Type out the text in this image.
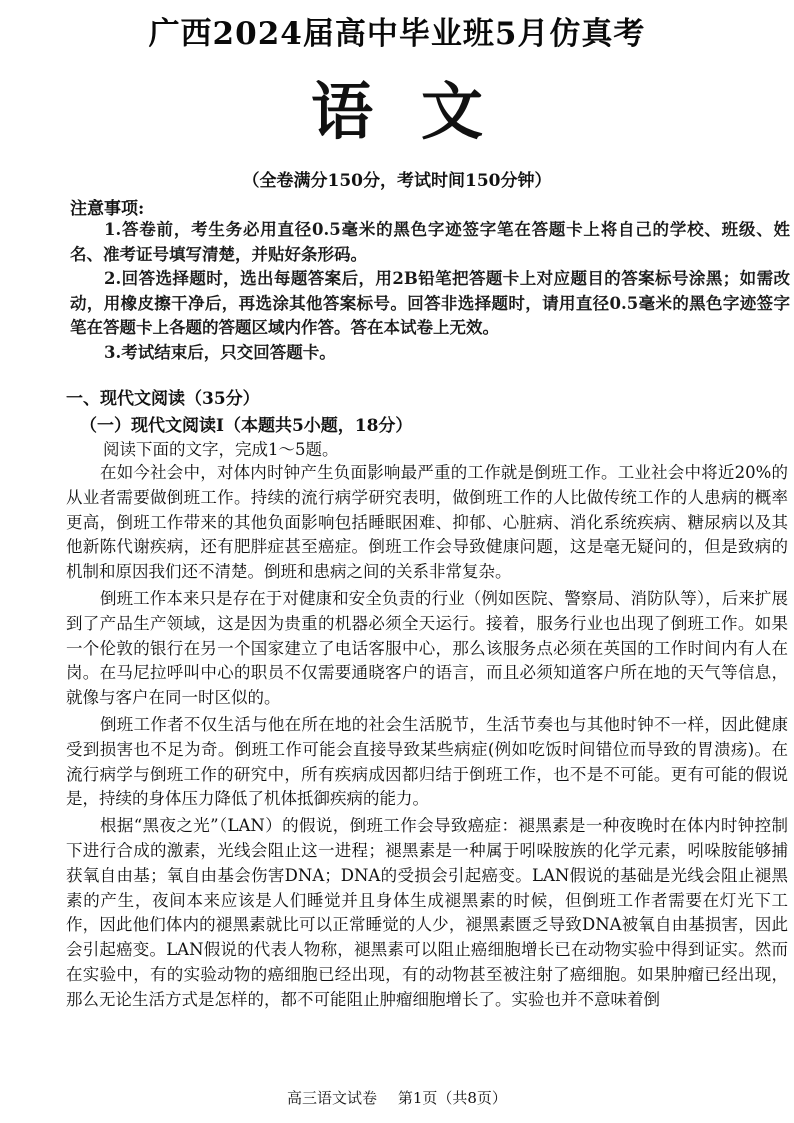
广西2024届高中毕业班5月仿真考
语文
（全卷满分150分，考试时间150分钟）
注意事项:

1.答卷前，考生务必用直径0.5毫米的黑色字迹签字笔在答题卡上将自己的学校、班级、姓名、准考证号填写清楚，并贴好条形码。

2.回答选择题时，选出每题答案后，用2B铅笔把答题卡上对应题目的答案标号涂黑；如需改动，用橡皮擦干净后，再选涂其他答案标号。回答非选择题时，请用直径0.5毫米的黑色字迹签字笔在答题卡上各题的答题区域内作答。答在本试卷上无效。

3.考试结束后，只交回答题卡。

一、现代文阅读（35分）
（一）现代文阅读Ⅰ（本题共5小题，18分）
阅读下面的文字，完成1～5题。

在如今社会中，对体内时钟产生负面影响最严重的工作就是倒班工作。工业社会中将近20%的从业者需要做倒班工作。持续的流行病学研究表明，做倒班工作的人比做传统工作的人患病的概率更高，倒班工作带来的其他负面影响包括睡眠困难、抑郁、心脏病、消化系统疾病、糖尿病以及其他新陈代谢疾病，还有肥胖症甚至癌症。倒班工作会导致健康问题，这是毫无疑问的，但是致病的机制和原因我们还不清楚。倒班和患病之间的关系非常复杂。

倒班工作本来只是存在于对健康和安全负责的行业（例如医院、警察局、消防队等），后来扩展到了产品生产领域，这是因为贵重的机器必须全天运行。接着，服务行业也出现了倒班工作。如果一个伦敦的银行在另一个国家建立了电话客服中心，那么该服务点必须在英国的工作时间内有人在岗。在马尼拉呼叫中心的职员不仅需要通晓客户的语言，而且必须知道客户所在地的天气等信息，就像与客户在同一时区似的。

倒班工作者不仅生活与他在所在地的社会生活脱节，生活节奏也与其他时钟不一样，因此健康受到损害也不足为奇。倒班工作可能会直接导致某些病症(例如吃饭时间错位而导致的胃溃疡)。在流行病学与倒班工作的研究中，所有疾病成因都归结于倒班工作，也不是不可能。更有可能的假说是，持续的身体压力降低了机体抵御疾病的能力。

根据“黑夜之光”（LAN）的假说，倒班工作会导致癌症：褪黑素是一种夜晚时在体内时钟控制下进行合成的激素，光线会阻止这一进程；褪黑素是一种属于吲哚胺族的化学元素，吲哚胺能够捕获氧自由基；氧自由基会伤害DNA；DNA的受损会引起癌变。LAN假说的基础是光线会阻止褪黑素的产生，夜间本来应该是人们睡觉并且身体生成褪黑素的时候，但倒班工作者需要在灯光下工作，因此他们体内的褪黑素就比可以正常睡觉的人少，褪黑素匮乏导致DNA被氧自由基损害，因此会引起癌变。LAN假说的代表人物称，褪黑素可以阻止癌细胞增长已在动物实验中得到证实。然而在实验中，有的实验动物的癌细胞已经出现，有的动物甚至被注射了癌细胞。如果肿瘤已经出现，那么无论生活方式是怎样的，都不可能阻止肿瘤细胞增长了。实验也并不意味着倒

高三语文试卷 第1页（共8页）
